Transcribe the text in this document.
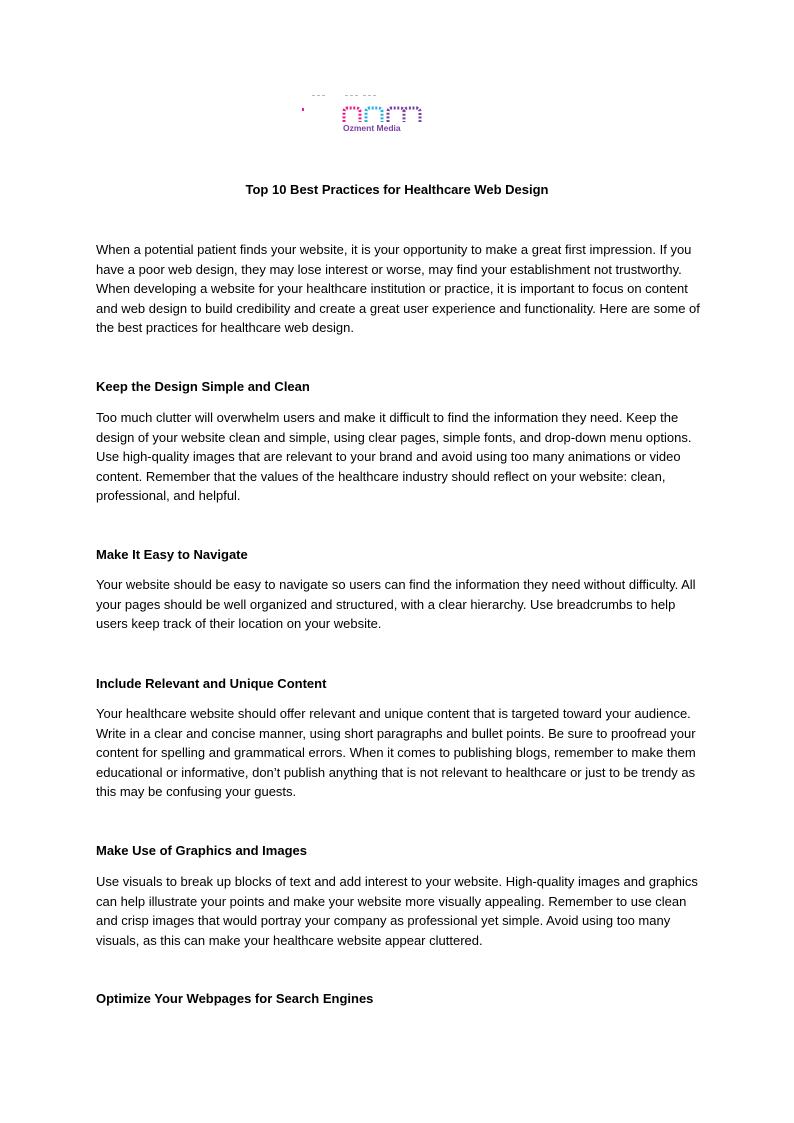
Ozment Media
Top 10 Best Practices for Healthcare Web Design

When a potential patient finds your website, it is your opportunity to make a great first impression. If you have a poor web design, they may lose interest or worse, may find your establishment not trustworthy. When developing a website for your healthcare institution or practice, it is important to focus on content and web design to build credibility and create a great user experience and functionality. Here are some of the best practices for healthcare web design.

Keep the Design Simple and Clean

Too much clutter will overwhelm users and make it difficult to find the information they need. Keep the design of your website clean and simple, using clear pages, simple fonts, and drop-down menu options. Use high-quality images that are relevant to your brand and avoid using too many animations or video content. Remember that the values of the healthcare industry should reflect on your website: clean, professional, and helpful.

Make It Easy to Navigate

Your website should be easy to navigate so users can find the information they need without difficulty. All your pages should be well organized and structured, with a clear hierarchy. Use breadcrumbs to help users keep track of their location on your website.

Include Relevant and Unique Content

Your healthcare website should offer relevant and unique content that is targeted toward your audience. Write in a clear and concise manner, using short paragraphs and bullet points. Be sure to proofread your content for spelling and grammatical errors. When it comes to publishing blogs, remember to make them educational or informative, don’t publish anything that is not relevant to healthcare or just to be trendy as this may be confusing your guests.

Make Use of Graphics and Images

Use visuals to break up blocks of text and add interest to your website. High-quality images and graphics can help illustrate your points and make your website more visually appealing. Remember to use clean and crisp images that would portray your company as professional yet simple. Avoid using too many visuals, as this can make your healthcare website appear cluttered.

Optimize Your Webpages for Search Engines
